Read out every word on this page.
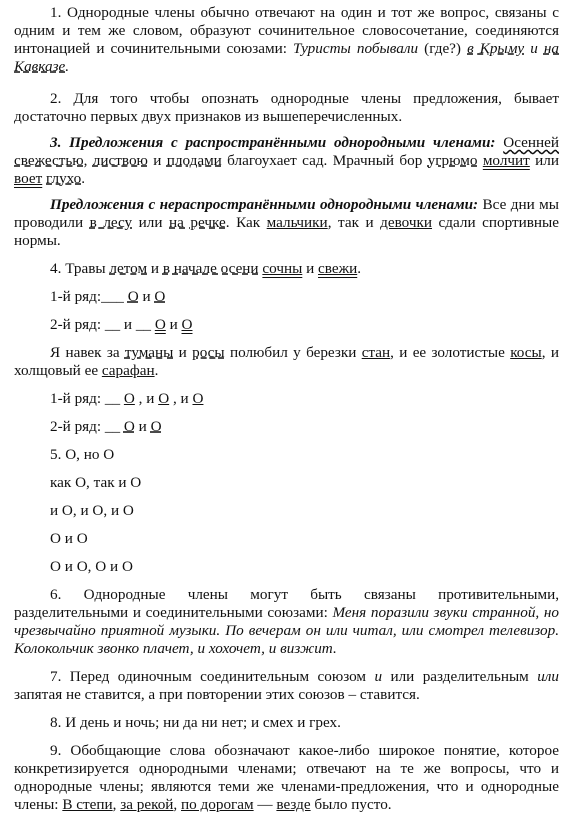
1. Однородные члены обычно отвечают на один и тот же вопрос, связаны с одним и тем же словом, образуют сочинительное словосочетание, соединяются интонацией и сочинительными союзами: Туристы побывали (где?) в Крыму и на Кавказе.

2. Для того чтобы опознать однородные члены предложения, бывает достаточно первых двух признаков из вышеперечисленных.

3. Предложения с распространёнными однородными членами: Осенней свежестью, листвою и плодами благоухает сад. Мрачный бор угрюмо молчит или воет глухо.

Предложения с нераспространёнными однородными членами: Все дни мы проводили в лесу или на речке. Как мальчики, так и девочки сдали спортивные нормы.

4. Травы летом и в начале осени сочны и свежи.

1-й ряд:___ О и О

2-й ряд: __ и __ О и О

Я навек за туманы и росы полюбил у березки стан, и ее золотистые косы, и холщовый ее сарафан.

1-й ряд: __ О , и О , и О

2-й ряд: __ О и О

5. О, но О

как О, так и О

и О, и О, и О

О и О

О и О, О и О

6. Однородные члены могут быть связаны противительными, разделительными и соединительными союзами: Меня поразили звуки странной, но чрезвычайно приятной музыки. По вечерам он или читал, или смотрел телевизор. Колокольчик звонко плачет, и хохочет, и визжит.

7. Перед одиночным соединительным союзом и или разделительным или запятая не ставится, а при повторении этих союзов – ставится.

8. И день и ночь; ни да ни нет; и смех и грех.

9. Обобщающие слова обозначают какое-либо широкое понятие, которое конкретизируется однородными членами; отвечают на те же вопросы, что и однородные члены; являются теми же членами-предложения, что и однородные члены: В степи, за рекой, по дорогам — везде было пусто.
